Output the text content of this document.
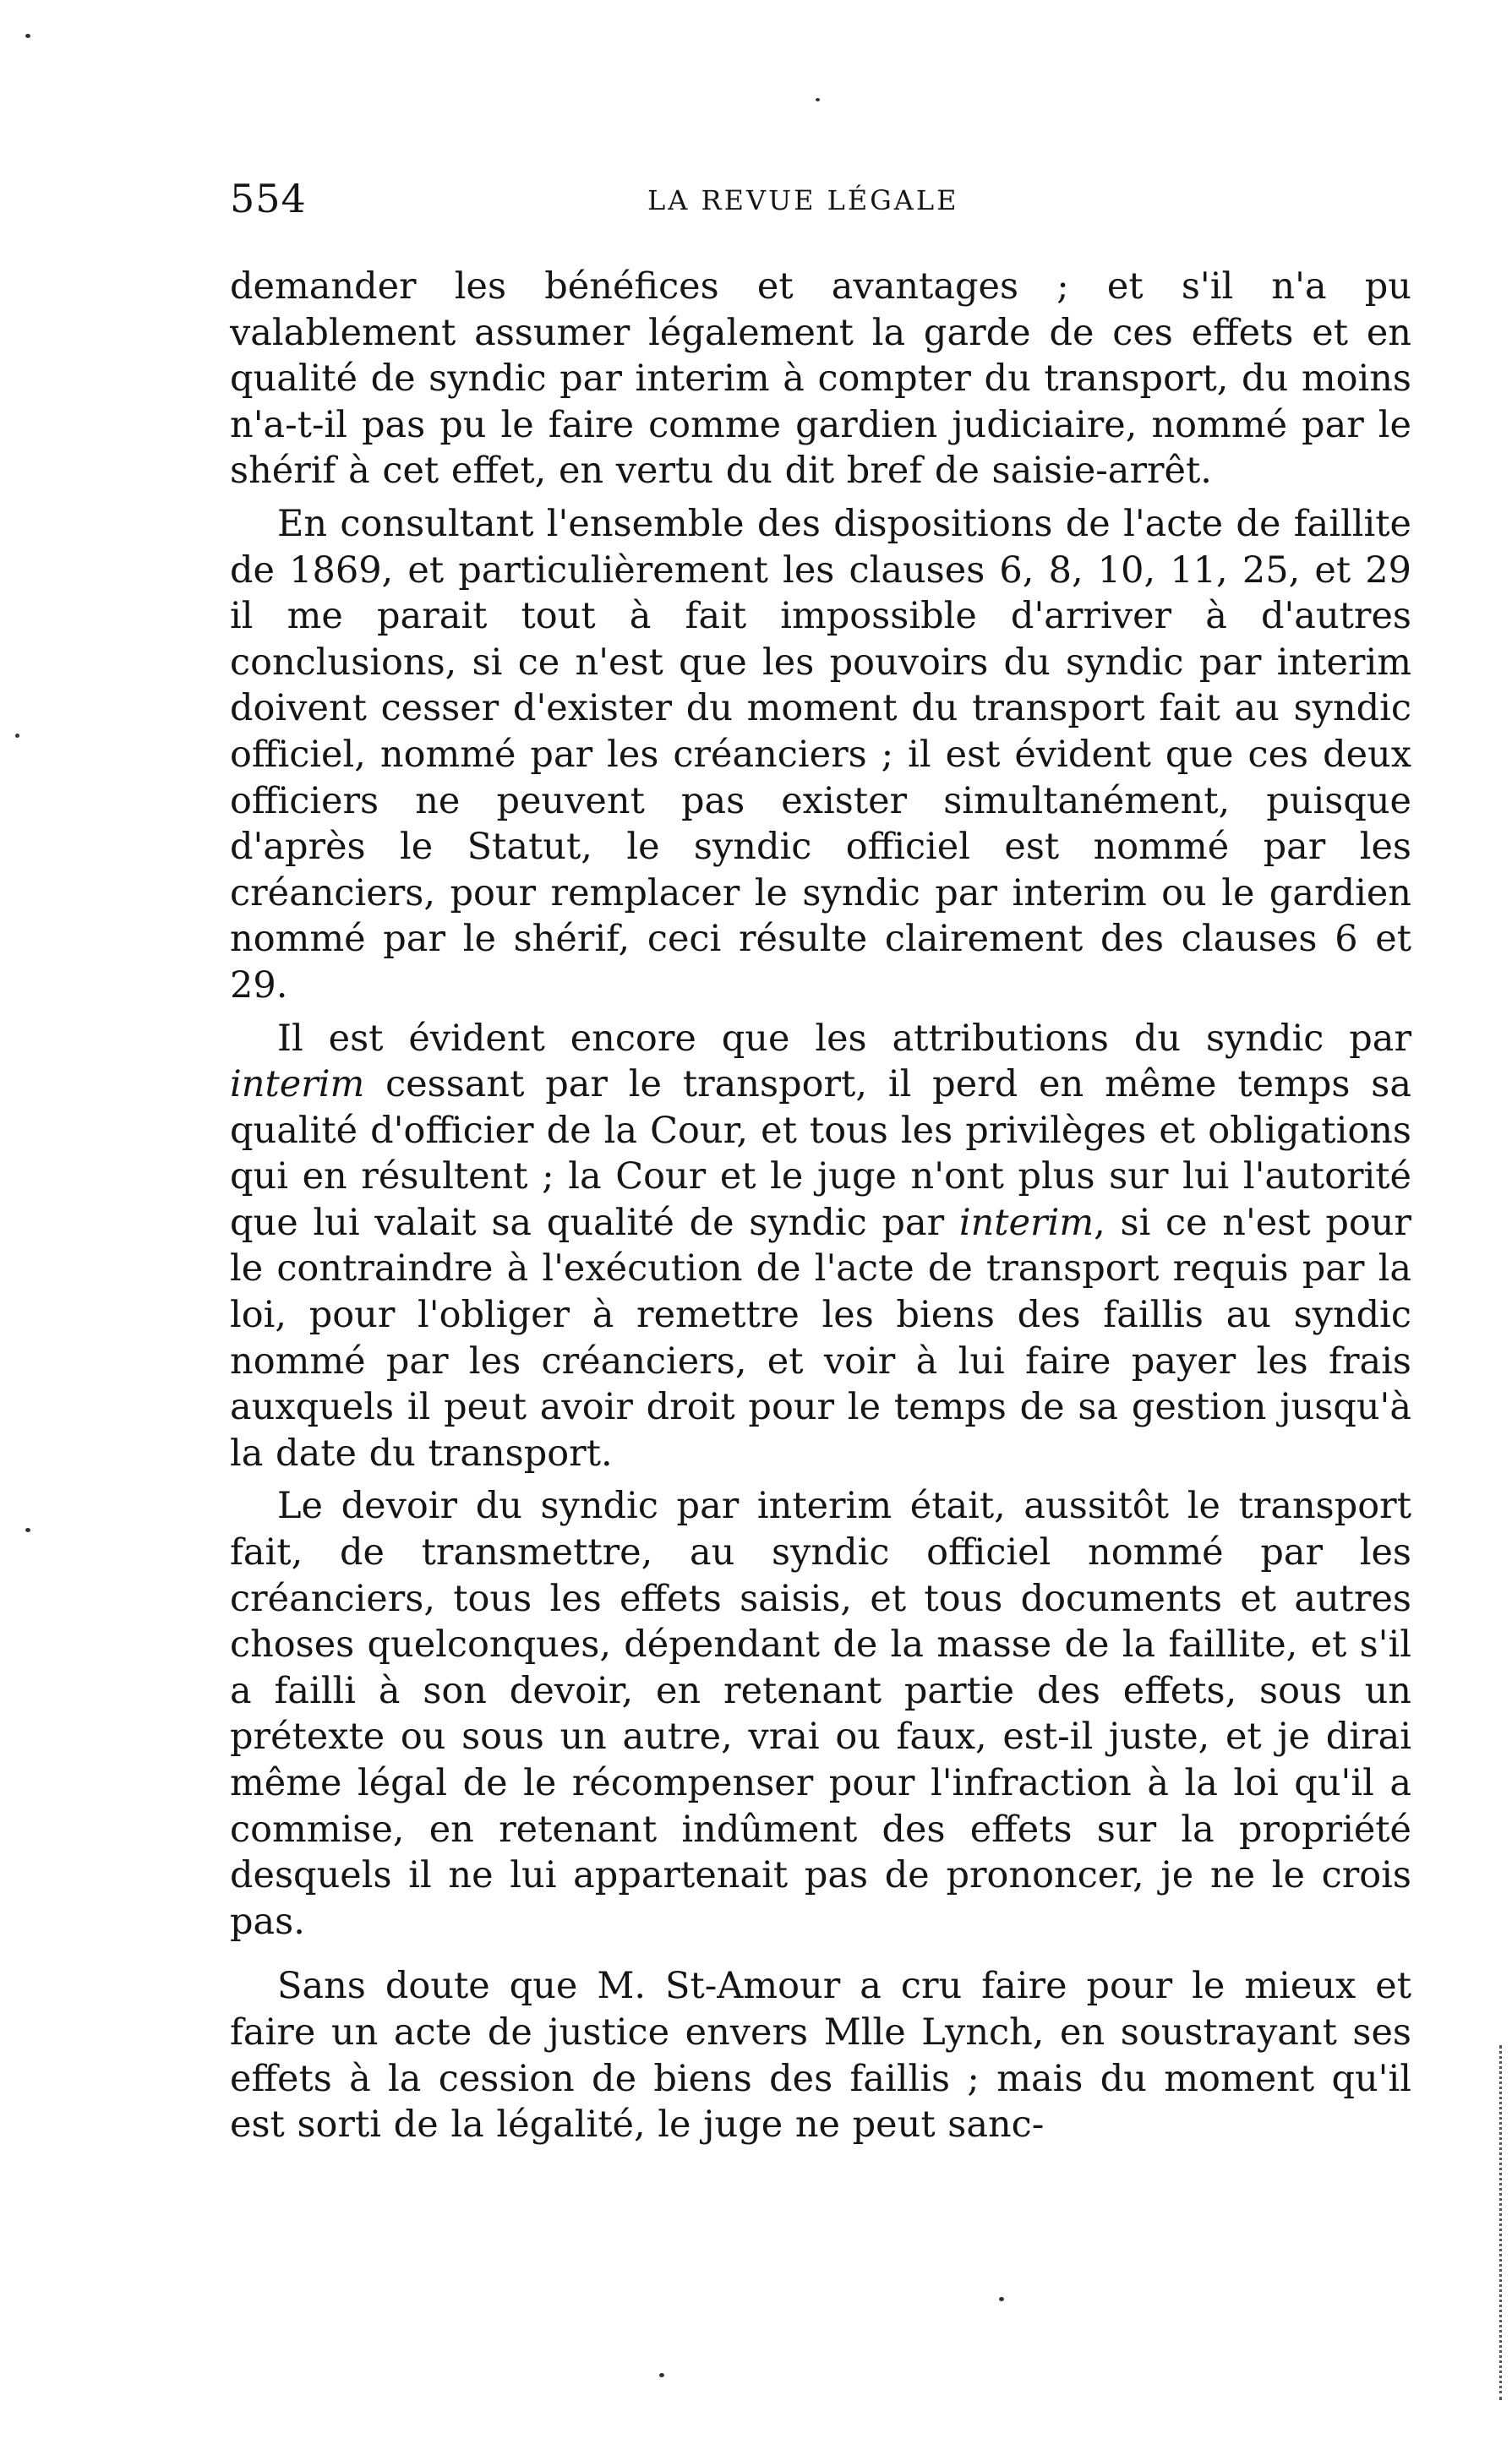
554	LA REVUE LÉGALE

demander les bénéfices et avantages ; et s'il n'a pu valablement assumer légalement la garde de ces effets et en qualité de syndic par interim à compter du transport, du moins n'a-t-il pas pu le faire comme gardien judiciaire, nommé par le shérif à cet effet, en vertu du dit bref de saisie-arrêt.

En consultant l'ensemble des dispositions de l'acte de faillite de 1869, et particulièrement les clauses 6, 8, 10, 11, 25, et 29 il me parait tout à fait impossible d'arriver à d'autres conclusions, si ce n'est que les pouvoirs du syndic par interim doivent cesser d'exister du moment du transport fait au syndic officiel, nommé par les créanciers ; il est évident que ces deux officiers ne peuvent pas exister simultanément, puisque d'après le Statut, le syndic officiel est nommé par les créanciers, pour remplacer le syndic par interim ou le gardien nommé par le shérif, ceci résulte clairement des clauses 6 et 29.

Il est évident encore que les attributions du syndic par interim cessant par le transport, il perd en même temps sa qualité d'officier de la Cour, et tous les privilèges et obligations qui en résultent ; la Cour et le juge n'ont plus sur lui l'autorité que lui valait sa qualité de syndic par interim, si ce n'est pour le contraindre à l'exécution de l'acte de transport requis par la loi, pour l'obliger à remettre les biens des faillis au syndic nommé par les créanciers, et voir à lui faire payer les frais auxquels il peut avoir droit pour le temps de sa gestion jusqu'à la date du transport.

Le devoir du syndic par interim était, aussitôt le transport fait, de transmettre, au syndic officiel nommé par les créanciers, tous les effets saisis, et tous documents et autres choses quelconques, dépendant de la masse de la faillite, et s'il a failli à son devoir, en retenant partie des effets, sous un prétexte ou sous un autre, vrai ou faux, est-il juste, et je dirai même légal de le récompenser pour l'infraction à la loi qu'il a commise, en retenant indûment des effets sur la propriété desquels il ne lui appartenait pas de prononcer, je ne le crois pas.

Sans doute que M. St-Amour a cru faire pour le mieux et faire un acte de justice envers Mlle Lynch, en soustrayant ses effets à la cession de biens des faillis ; mais du moment qu'il est sorti de la légalité, le juge ne peut sanc-
